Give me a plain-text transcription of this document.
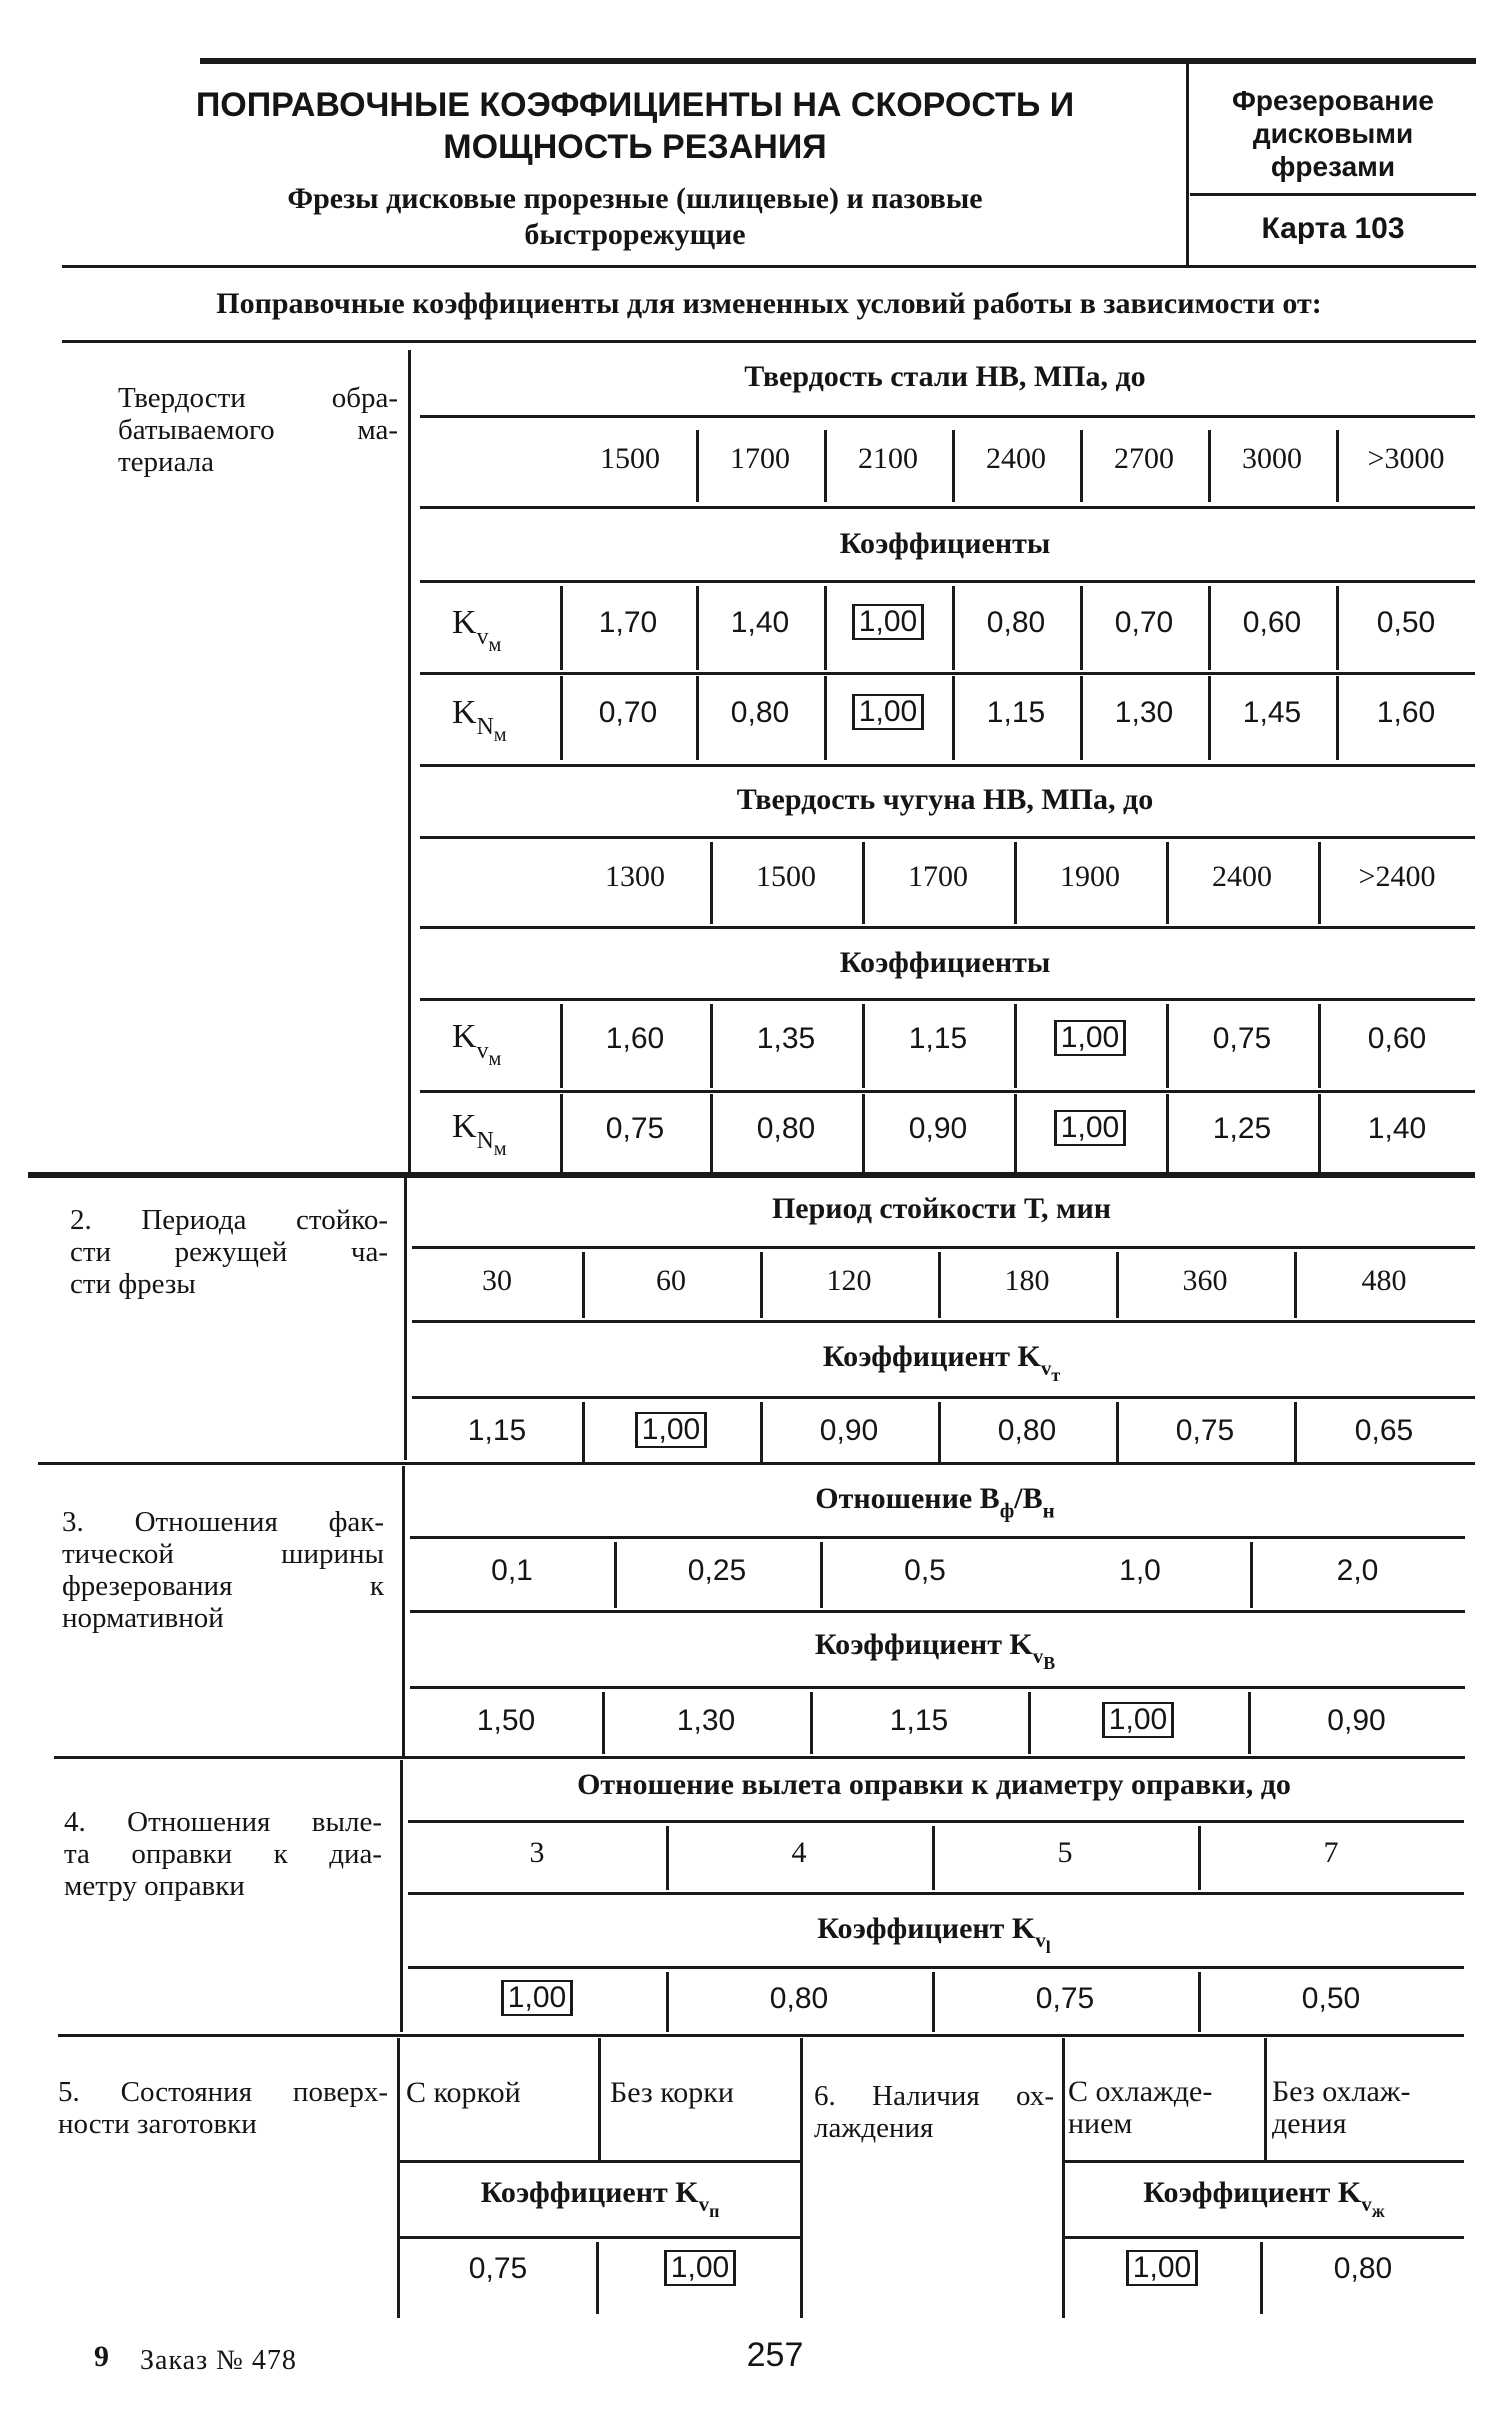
ПОПРАВОЧНЫЕ КОЭФФИЦИЕНТЫ НА СКОРОСТЬ И
МОЩНОСТЬ РЕЗАНИЯ
Фрезы дисковые прорезные (шлицевые) и пазовые
быстрорежущие
Фрезерование
дисковыми
фрезами
Карта 103
Поправочные коэффициенты для измененных условий работы в зависимости от:
Твердости обра-
батываемого ма-
териала
Твердость стали НВ, МПа, до
1500	1700	2100	2400	2700	3000	>3000
Коэффициенты
$K_{v_м}$
1,70	1,40	1,00	0,80	0,70	0,60	0,50
$K_{N_м}$
0,70	0,80	1,00	1,15	1,30	1,45	1,60
Твердость чугуна НВ, МПа, до
1300	1500	1700	1900	2400	>2400
Коэффициенты
$K_{v_м}$
1,60	1,35	1,15	1,00	0,75	0,60
$K_{N_м}$
0,75	0,80	0,90	1,00	1,25	1,40
2. Периода стойко-
сти режущей ча-
сти фрезы
Период стойкости Т, мин
30	60	120	180	360	480
Коэффициент $K_{v_т}$
1,15	1,00	0,90	0,80	0,75	0,65
3. Отношения фак-
тической ширины
фрезерования к
нормативной
Отношение $B_ф/B_н$
0,1	0,25	0,5	1,0	2,0
Коэффициент $K_{v_B}$
1,50	1,30	1,15	1,00	0,90
4. Отношения выле-
та оправки к диа-
метру оправки
Отношение вылета оправки к диаметру оправки, до
3	4	5	7
Коэффициент $K_{v_l}$
1,00	0,80	0,75	0,50
5. Состояния поверх-
ности заготовки
С коркой	Без корки
Коэффициент $K_{v_п}$
0,75	1,00
6. Наличия ох-
лаждения
С охлажде-
нием
Без охлаж-
дения
Коэффициент $K_{v_ж}$
1,00	0,80
9 Заказ № 478	257
